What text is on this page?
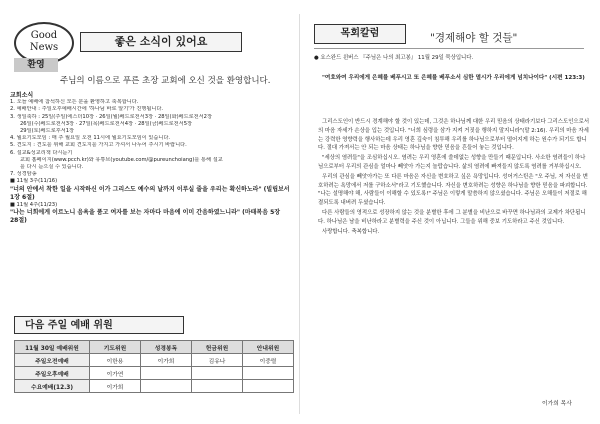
Good
News	좋은 소식이 있어요
환영
주님의 이름으로 푸른 초장 교회에 오신 것을 환영합니다.
교회소식
1. 오늘 예배에 참석하신 모든 분을 환영하고 축복합니다.
2. 예배안내 : 주일오후예배시간에 '하나님 바로 알기'가 진행됩니다.
3. 생일축하 : 25일(주일)에스더10장 · 26일(월)베드로전서3장 · 28일(화)베드로전서2장
26일(수)베드로전서3장 · 27일(목)베드로전서4장 · 28일(금)베드로전서5장
29일(토)베드로후서1장
4. 월요기도모임 : 매 주 월요일 오전 11시에 월요기도모임이 있습니다.
5. 견도지 : 견도를 위해 교회 견도지를 가지고 가셔서 나누어 주시기 바랍니다.
6. 설교&성교리책 다시듣기
교회 홈페이지(www.pcch.kr)와 유튜브(youtube.com/@pureunchoiang)를 통해 설교
를 다시 듣으실 수 있습니다.
7. 성경암송
■ 11월 3주(11/16)
"너의 안에서 착한 일을 시작하신 이가 그리스도 예수의 날까지 이루실 줄을 우리는 확신하노라" (빌립보서 1장 6절)
■ 11월 4주(11/23)
"나는 너희에게 이르노니 음욕을 품고 여자를 보는 자마다 마음에 이미 간음하였느니라" (마태복음 5장 28절)
다음 주일 예배 위원
11월 30일 예배위원	기도위원	성경봉독	헌금위원	안내위원
주일오전예배	이한용	이가희	김유나	이중렬
주일오후예배	이가연			
수요예배(12.3)	이가희			
목회칼럼	"경제해야 할 것들"
● 요스완드 윈버스 『주님은 나의 최고봉』 11월 29일 묵상입니다.
"여호와여 우리에게 은혜를 베푸시고 또 은혜를 베푸소서 심한 멸시가 우리에게 넘치나이다" (시편 123:3)

그리스도인이 반드시 경계해야 할 것이 있는데, 그것은 하나님께 대한 우리 믿음의 상태라기보다 그리스도인으로서의 마음 자세가 손상을 입는 것입니다. "너희 심령을 삼가 지켜 거짓을 행하지 말지니라"(말 2:16). 우리의 마음 자세는 강력한 영향력을 행사하는데 우리 영혼 깊숙이 침투해 우리를 하나님으로부터 떨어지게 하는 원수가 되기도 합니다. 절대 가져서는 안 되는 마음 상태는 하나님을 향한 믿음을 흔들어 놓는 것입니다.

"세상의 염려들"을 조심하십시오. 염려는 우리 영혼에 쓸데없는 성향을 만들기 때문입니다. 사소한 염려들이 하나님으로부터 우리의 관심을 얼마나 빼앗아 가는지 놀랍습니다. 삶의 염려에 빠져들지 않도록 염려를 거부하십시오.

우리의 관심을 빼앗아가는 또 다른 마음은 자신을 변호하고 싶은 욕망입니다. 성어거스틴은 "오 주님, 저 자신을 변호하려는 욕망에서 저를 구하소서"라고 기도했습니다. 자신을 변호하려는 성향은 하나님을 향한 믿음을 파괴합니다. "나는 설명해야 해, 사람들이 이해할 수 있도록!" 주님은 이렇게 말씀하지 않으셨습니다. 주님은 오해들이 저절로 해결되도록 내버려 두셨습니다.

다른 사람들의 영적으로 성장하지 않는 것을 분별한 후에 그 분별을 비난으로 바꾸면 하나님과의 교제가 차단됩니다. 하나님은 남을 비난하라고 분별력을 주신 것이 아닙니다. 그들을 위해 중보 기도하라고 주신 것입니다.

사랑합니다. 축복합니다.

이가희 목사
